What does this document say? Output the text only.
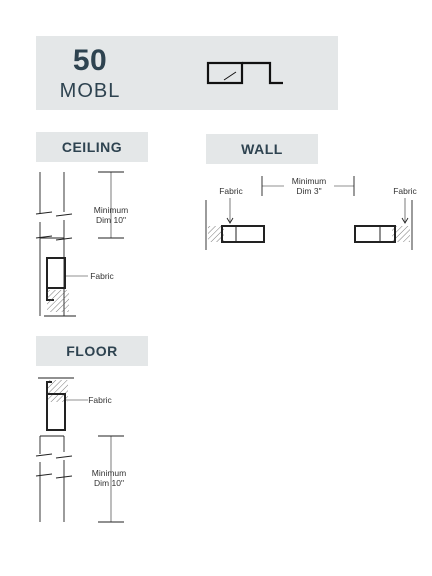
50
MOBL
CEILING	WALL
FLOOR
Minimum
Dim 10"
Fabric
Fabric
Minimum
Dim 3"	Fabric
Fabric
Minimum
Dim 10"
